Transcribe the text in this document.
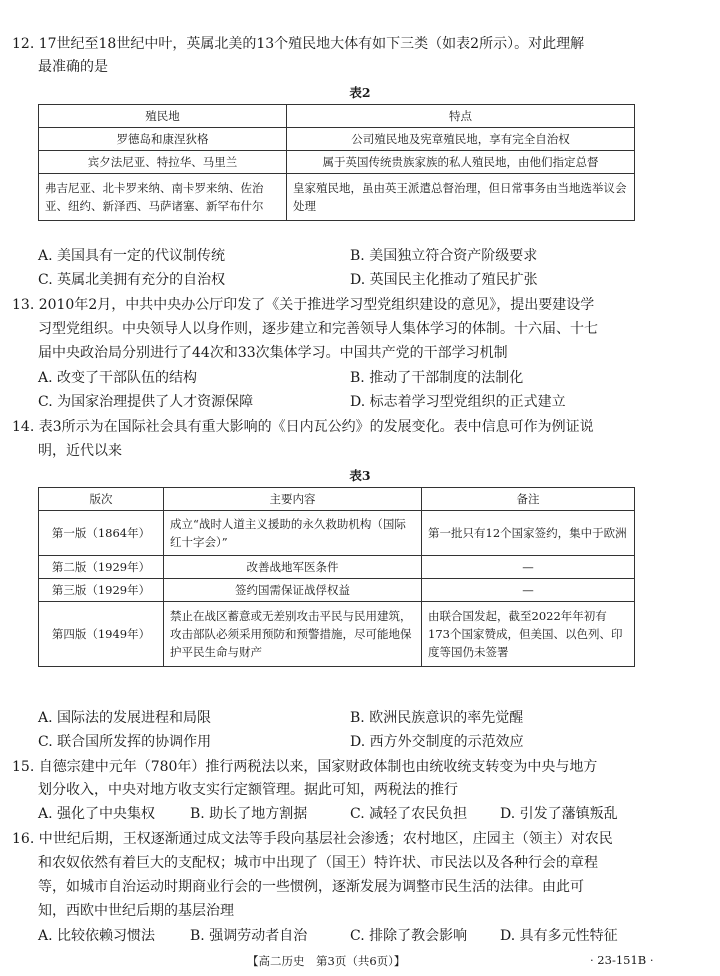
12. 17世纪至18世纪中叶，英属北美的13个殖民地大体有如下三类（如表2所示）。对此理解
最准确的是
表2
殖民地	特点
罗德岛和康涅狄格	公司殖民地及宪章殖民地，享有完全自治权
宾夕法尼亚、特拉华、马里兰	属于英国传统贵族家族的私人殖民地，由他们指定总督
弗吉尼亚、北卡罗来纳、南卡罗来纳、佐治亚、纽约、新泽西、马萨诸塞、新罕布什尔	皇家殖民地，虽由英王派遣总督治理，但日常事务由当地选举议会处理
A. 美国具有一定的代议制传统	B. 美国独立符合资产阶级要求
C. 英属北美拥有充分的自治权	D. 英国民主化推动了殖民扩张
13. 2010年2月，中共中央办公厅印发了《关于推进学习型党组织建设的意见》，提出要建设学
习型党组织。中央领导人以身作则，逐步建立和完善领导人集体学习的体制。十六届、十七
届中央政治局分别进行了44次和33次集体学习。中国共产党的干部学习机制
A. 改变了干部队伍的结构	B. 推动了干部制度的法制化
C. 为国家治理提供了人才资源保障	D. 标志着学习型党组织的正式建立
14. 表3所示为在国际社会具有重大影响的《日内瓦公约》的发展变化。表中信息可作为例证说
明，近代以来
表3
版次	主要内容	备注
第一版（1864年）	成立“战时人道主义援助的永久救助机构（国际红十字会）”	第一批只有12个国家签约，集中于欧洲
第二版（1929年）	改善战地军医条件	—
第三版（1929年）	签约国需保证战俘权益	—
第四版（1949年）	禁止在战区蓄意或无差别攻击平民与民用建筑，攻击部队必须采用预防和预警措施，尽可能地保护平民生命与财产	由联合国发起，截至2022年年初有173个国家赞成，但美国、以色列、印度等国仍未签署
A. 国际法的发展进程和局限	B. 欧洲民族意识的率先觉醒
C. 联合国所发挥的协调作用	D. 西方外交制度的示范效应
15. 自德宗建中元年（780年）推行两税法以来，国家财政体制也由统收统支转变为中央与地方
划分收入，中央对地方收支实行定额管理。据此可知，两税法的推行
A. 强化了中央集权 B. 助长了地方割据	C. 减轻了农民负担 D. 引发了藩镇叛乱
16. 中世纪后期，王权逐渐通过成文法等手段向基层社会渗透；农村地区，庄园主（领主）对农民
和农奴依然有着巨大的支配权；城市中出现了（国王）特许状、市民法以及各种行会的章程
等，如城市自治运动时期商业行会的一些惯例，逐渐发展为调整市民生活的法律。由此可
知，西欧中世纪后期的基层治理
A. 比较依赖习惯法 B. 强调劳动者自治	C. 排除了教会影响 D. 具有多元性特征
【高二历史　第3页（共6页）】	· 23-151B ·
